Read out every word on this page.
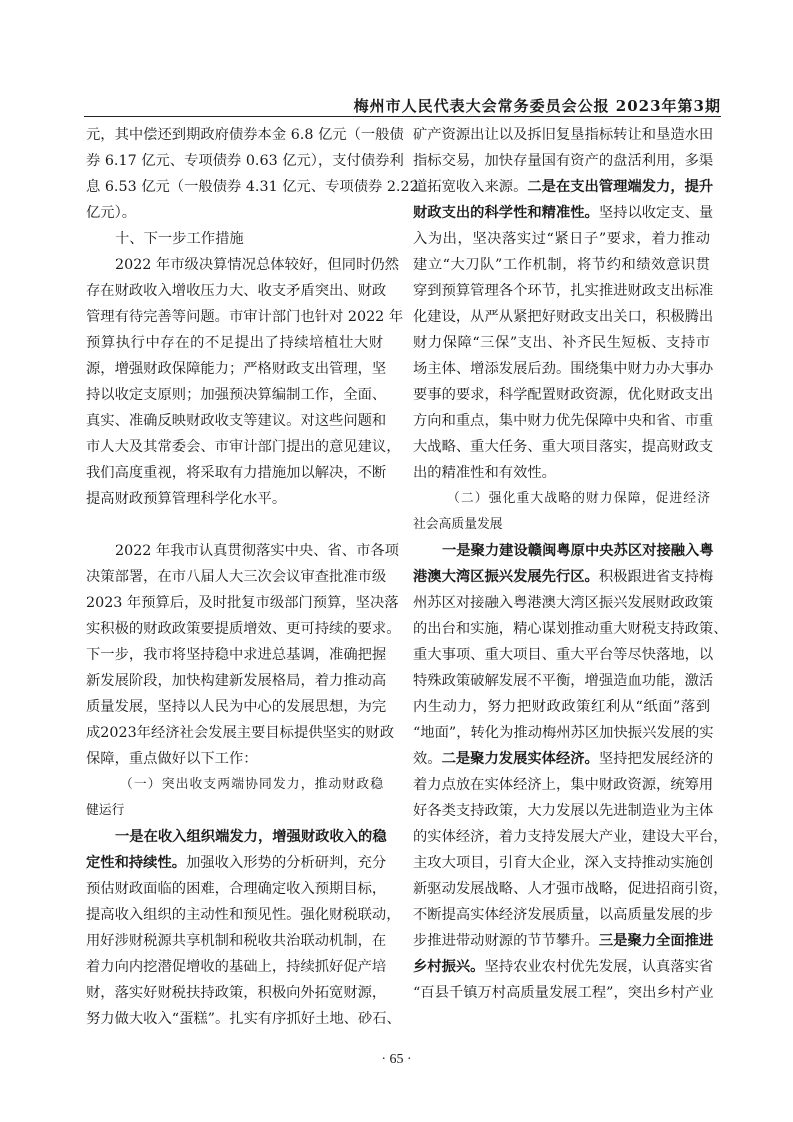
梅州市人民代表大会常务委员会公报 2023年第3期
元，其中偿还到期政府债券本金 6.8 亿元（一般债
券 6.17 亿元、专项债券 0.63 亿元），支付债券利
息 6.53 亿元（一般债券 4.31 亿元、专项债券 2.22
亿元）。
十、下一步工作措施
2022 年市级决算情况总体较好，但同时仍然
存在财政收入增收压力大、收支矛盾突出、财政
管理有待完善等问题。市审计部门也针对 2022 年
预算执行中存在的不足提出了持续培植壮大财
源，增强财政保障能力；严格财政支出管理，坚
持以收定支原则；加强预决算编制工作，全面、
真实、准确反映财政收支等建议。对这些问题和
市人大及其常委会、市审计部门提出的意见建议，
我们高度重视，将采取有力措施加以解决，不断
提高财政预算管理科学化水平。
2022 年我市认真贯彻落实中央、省、市各项
决策部署，在市八届人大三次会议审查批准市级
2023 年预算后，及时批复市级部门预算，坚决落
实积极的财政政策要提质增效、更可持续的要求。
下一步，我市将坚持稳中求进总基调，准确把握
新发展阶段，加快构建新发展格局，着力推动高
质量发展，坚持以人民为中心的发展思想，为完
成2023年经济社会发展主要目标提供坚实的财政
保障，重点做好以下工作：
（一）突出收支两端协同发力，推动财政稳
健运行
一是在收入组织端发力，增强财政收入的稳
定性和持续性。加强收入形势的分析研判，充分
预估财政面临的困难，合理确定收入预期目标，
提高收入组织的主动性和预见性。强化财税联动，
用好涉财税源共享机制和税收共治联动机制，在
着力向内挖潜促增收的基础上，持续抓好促产培
财，落实好财税扶持政策，积极向外拓宽财源，
努力做大收入“蛋糕”。扎实有序抓好土地、砂石、
矿产资源出让以及拆旧复垦指标转让和垦造水田
指标交易，加快存量国有资产的盘活利用，多渠
道拓宽收入来源。二是在支出管理端发力，提升
财政支出的科学性和精准性。坚持以收定支、量
入为出，坚决落实过“紧日子”要求，着力推动
建立“大刀队”工作机制，将节约和绩效意识贯
穿到预算管理各个环节，扎实推进财政支出标准
化建设，从严从紧把好财政支出关口，积极腾出
财力保障“三保”支出、补齐民生短板、支持市
场主体、增添发展后劲。围绕集中财力办大事办
要事的要求，科学配置财政资源，优化财政支出
方向和重点，集中财力优先保障中央和省、市重
大战略、重大任务、重大项目落实，提高财政支
出的精准性和有效性。
（二）强化重大战略的财力保障，促进经济
社会高质量发展
一是聚力建设赣闽粤原中央苏区对接融入粤
港澳大湾区振兴发展先行区。积极跟进省支持梅
州苏区对接融入粤港澳大湾区振兴发展财政政策
的出台和实施，精心谋划推动重大财税支持政策、
重大事项、重大项目、重大平台等尽快落地，以
特殊政策破解发展不平衡，增强造血功能，激活
内生动力，努力把财政政策红利从“纸面”落到
“地面”，转化为推动梅州苏区加快振兴发展的实
效。二是聚力发展实体经济。坚持把发展经济的
着力点放在实体经济上，集中财政资源，统筹用
好各类支持政策，大力发展以先进制造业为主体
的实体经济，着力支持发展大产业，建设大平台，
主攻大项目，引育大企业，深入支持推动实施创
新驱动发展战略、人才强市战略，促进招商引资，
不断提高实体经济发展质量，以高质量发展的步
步推进带动财源的节节攀升。三是聚力全面推进
乡村振兴。坚持农业农村优先发展，认真落实省
“百县千镇万村高质量发展工程”，突出乡村产业
· 65 ·
